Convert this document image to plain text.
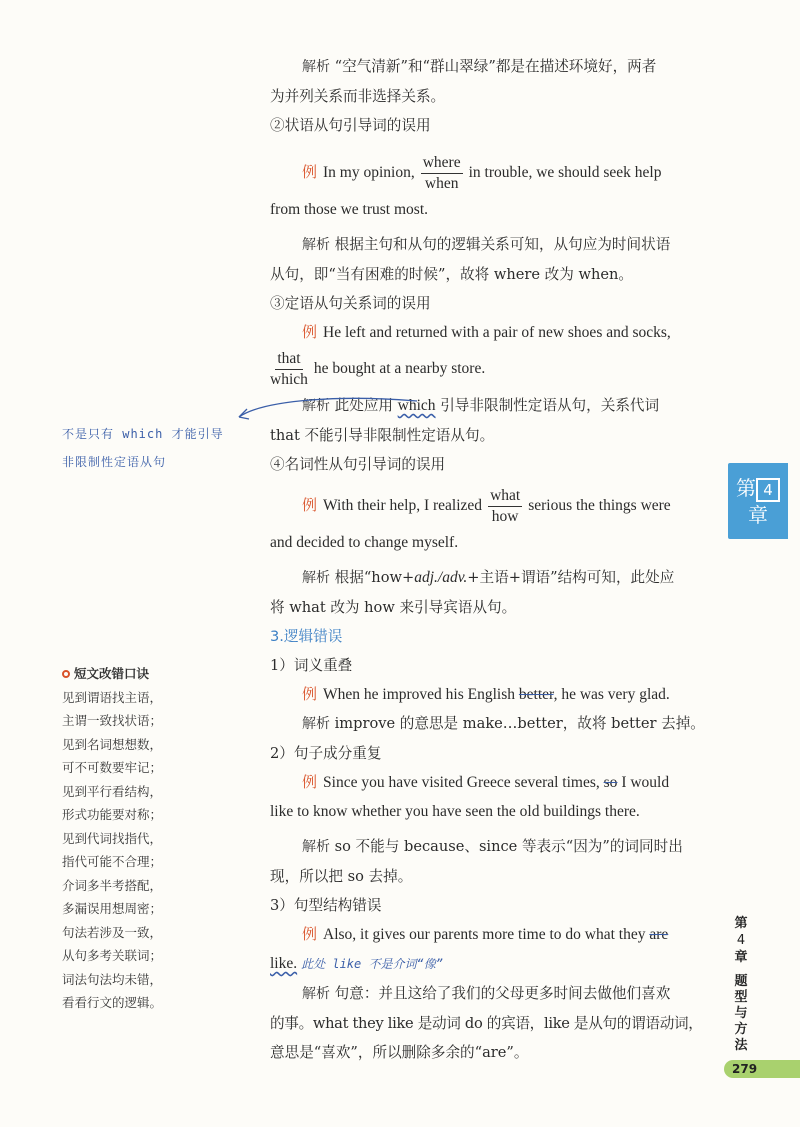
解析 “空气清新”和“群山翠绿”都是在描述环境好，两者
为并列关系而非选择关系。
②状语从句引导词的误用
例 In my opinion, $\frac{\text{where}}{\text{when}}$ in trouble, we should seek help
from those we trust most.
解析 根据主句和从句的逻辑关系可知，从句应为时间状语
从句，即“当有困难的时候”，故将 where 改为 when。
③定语从句关系词的误用
例 He left and returned with a pair of new shoes and socks,
$\frac{\text{that}}{\text{which}}$ he bought at a nearby store.
解析 此处应用 which 引导非限制性定语从句，关系代词
that 不能引导非限制性定语从句。
④名词性从句引导词的误用
例 With their help, I realized $\frac{\text{what}}{\text{how}}$ serious the things were
and decided to change myself.
解析 根据“how+adj./adv.+主语+谓语”结构可知，此处应
将 what 改为 how 来引导宾语从句。
3.逻辑错误
1）词义重叠
例 When he improved his English better, he was very glad.
解析 improve 的意思是 make…better，故将 better 去掉。
2）句子成分重复
例 Since you have visited Greece several times, so I would
like to know whether you have seen the old buildings there.
解析 so 不能与 because、since 等表示“因为”的词同时出
现，所以把 so 去掉。
3）句型结构错误
例 Also, it gives our parents more time to do what they are
like. 此处 like 不是介词“像”
解析 句意：并且这给了我们的父母更多时间去做他们喜欢
的事。what they like 是动词 do 的宾语，like 是从句的谓语动词，
意思是“喜欢”，所以删除多余的“are”。
不是只有 which 才能引导
非限制性定语从句
短文改错口诀
见到谓语找主语，
主谓一致找状语；
见到名词想想数，
可不可数要牢记；
见到平行看结构，
形式功能要对称；
见到代词找指代，
指代可能不合理；
介词多半考搭配，
多漏误用想周密；
句法若涉及一致，
从句多考关联词；
词法句法均未错，
看看行文的逻辑。
第 4
章
第
4
章
题型与方法
279
